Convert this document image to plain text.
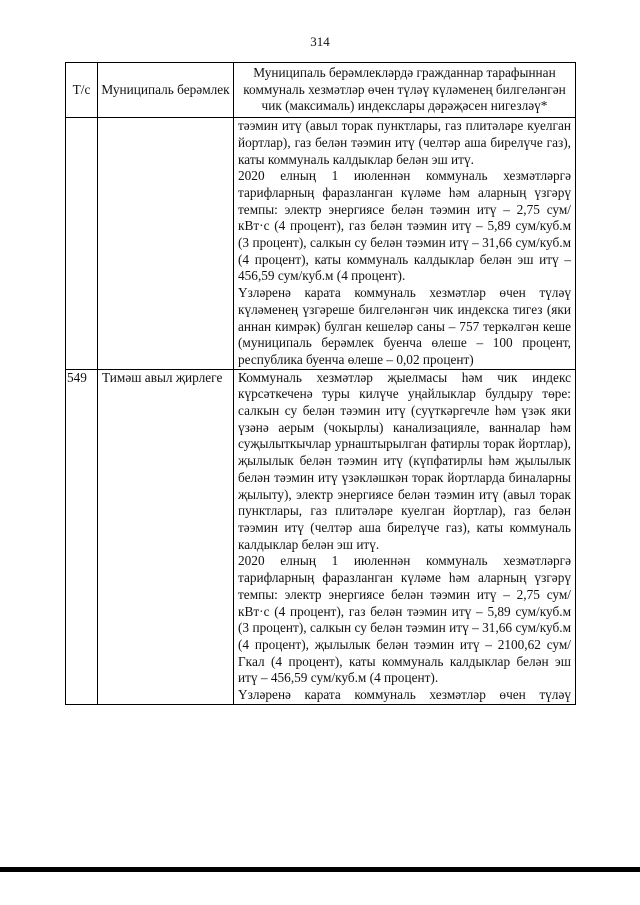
314
Т/с	Муниципаль берәмлек	Муниципаль берәмлекләрдә гражданнар тарафыннан коммуналь хезмәтләр өчен түләү күләменең билгеләнгән чик (максималь) индекслары дәрәҗәсен нигезләү*

		тәэмин итү (авыл торак пунктлары, газ плитәләре куелган йортлар), газ белән тәэмин итү (челтәр аша бирелүче газ), каты коммуналь калдыклар белән эш итү.
2020 елның 1 июленнән коммуналь хезмәтләргә тарифларның фаразланган күләме һәм аларның үзгәрү темпы: электр энергиясе белән тәэмин итү – 2,75 сум/кВт·с (4 процент), газ белән тәэмин итү – 5,89 сум/куб.м (3 процент), салкын су белән тәэмин итү – 31,66 сум/куб.м (4 процент), каты коммуналь калдыклар белән эш итү – 456,59 сум/куб.м (4 процент).
Үзләренә карата коммуналь хезмәтләр өчен түләү күләменең үзгәреше билгеләнгән чик индекска тигез (яки аннан кимрәк) булган кешеләр саны – 757 теркәлгән кеше (муниципаль берәмлек буенча өлеше – 100 процент, республика буенча өлеше – 0,02 процент)

549	Тимәш авыл җирлеге	Коммуналь хезмәтләр җыелмасы һәм чик индекс күрсәткеченә туры килүче уңайлыклар булдыру төре: салкын су белән тәэмин итү (суүткәргечле һәм үзәк яки үзәнә аерым (чокырлы) канализацияле, ванналар һәм суҗылыткычлар урнаштырылган фатирлы торак йортлар), җылылык белән тәэмин итү (күпфатирлы һәм җылылык белән тәэмин итү үзәкләшкән торак йортларда биналарны җылыту), электр энергиясе белән тәэмин итү (авыл торак пунктлары, газ плитәләре куелган йортлар), газ белән тәэмин итү (челтәр аша бирелүче газ), каты коммуналь калдыклар белән эш итү.
2020 елның 1 июленнән коммуналь хезмәтләргә тарифларның фаразланган күләме һәм аларның үзгәрү темпы: электр энергиясе белән тәэмин итү – 2,75 сум/кВт·с (4 процент), газ белән тәэмин итү – 5,89 сум/куб.м (3 процент), салкын су белән тәэмин итү – 31,66 сум/куб.м (4 процент), җылылык белән тәэмин итү – 2100,62 сум/Гкал (4 процент), каты коммуналь калдыклар белән эш итү – 456,59 сум/куб.м (4 процент).
Үзләренә карата коммуналь хезмәтләр өчен түләү
